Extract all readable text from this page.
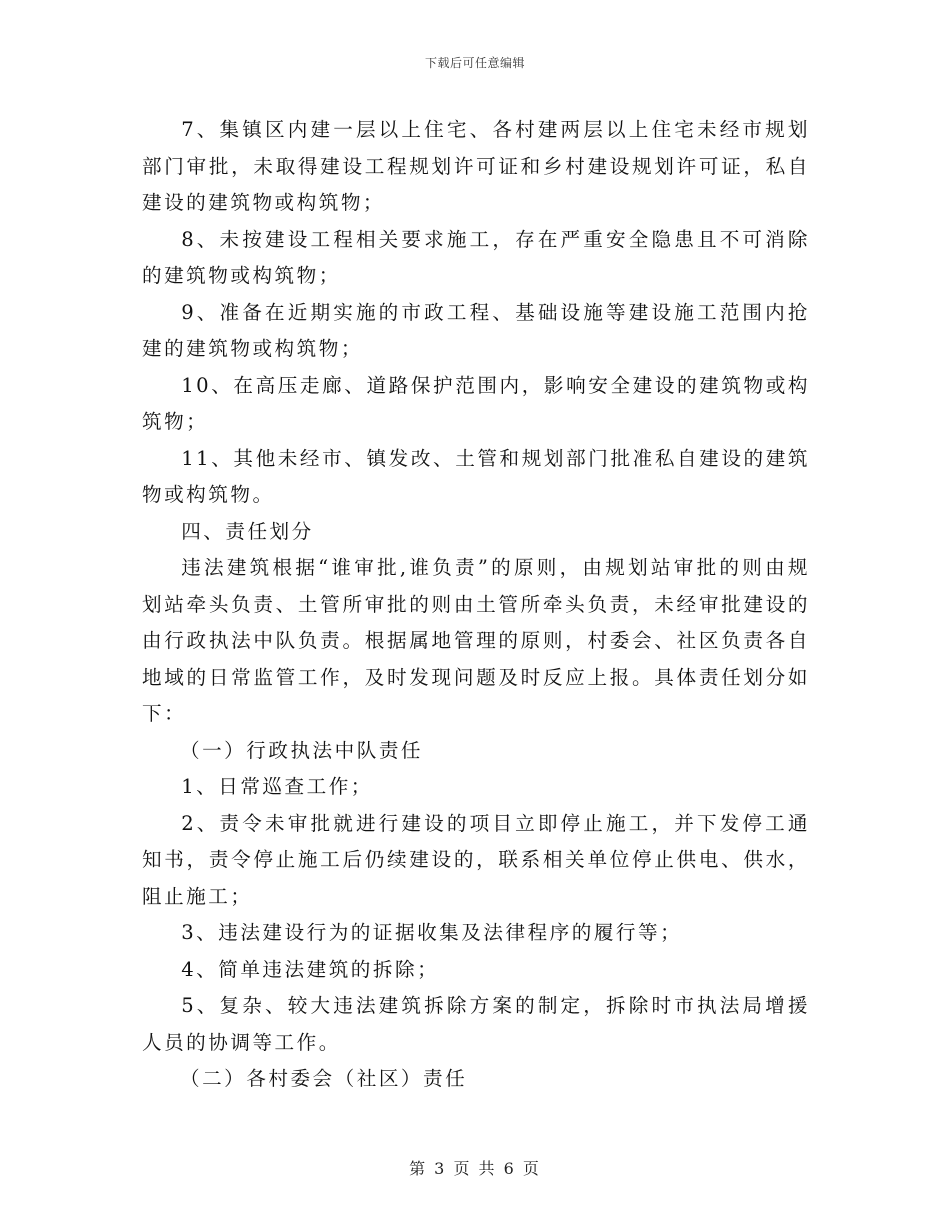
下载后可任意编辑

7、集镇区内建一层以上住宅、各村建两层以上住宅未经市规划部门审批，未取得建设工程规划许可证和乡村建设规划许可证，私自建设的建筑物或构筑物；

8、未按建设工程相关要求施工，存在严重安全隐患且不可消除的建筑物或构筑物；

9、准备在近期实施的市政工程、基础设施等建设施工范围内抢建的建筑物或构筑物；

10、在高压走廊、道路保护范围内，影响安全建设的建筑物或构筑物；

11、其他未经市、镇发改、土管和规划部门批准私自建设的建筑物或构筑物。

四、责任划分

违法建筑根据“谁审批,谁负责”的原则，由规划站审批的则由规划站牵头负责、土管所审批的则由土管所牵头负责，未经审批建设的由行政执法中队负责。根据属地管理的原则，村委会、社区负责各自地域的日常监管工作，及时发现问题及时反应上报。具体责任划分如下：

（一）行政执法中队责任

1、日常巡查工作；

2、责令未审批就进行建设的项目立即停止施工，并下发停工通知书，责令停止施工后仍续建设的，联系相关单位停止供电、供水，阻止施工；

3、违法建设行为的证据收集及法律程序的履行等；

4、简单违法建筑的拆除；

5、复杂、较大违法建筑拆除方案的制定，拆除时市执法局增援人员的协调等工作。

（二）各村委会（社区）责任

第 3 页 共 6 页
